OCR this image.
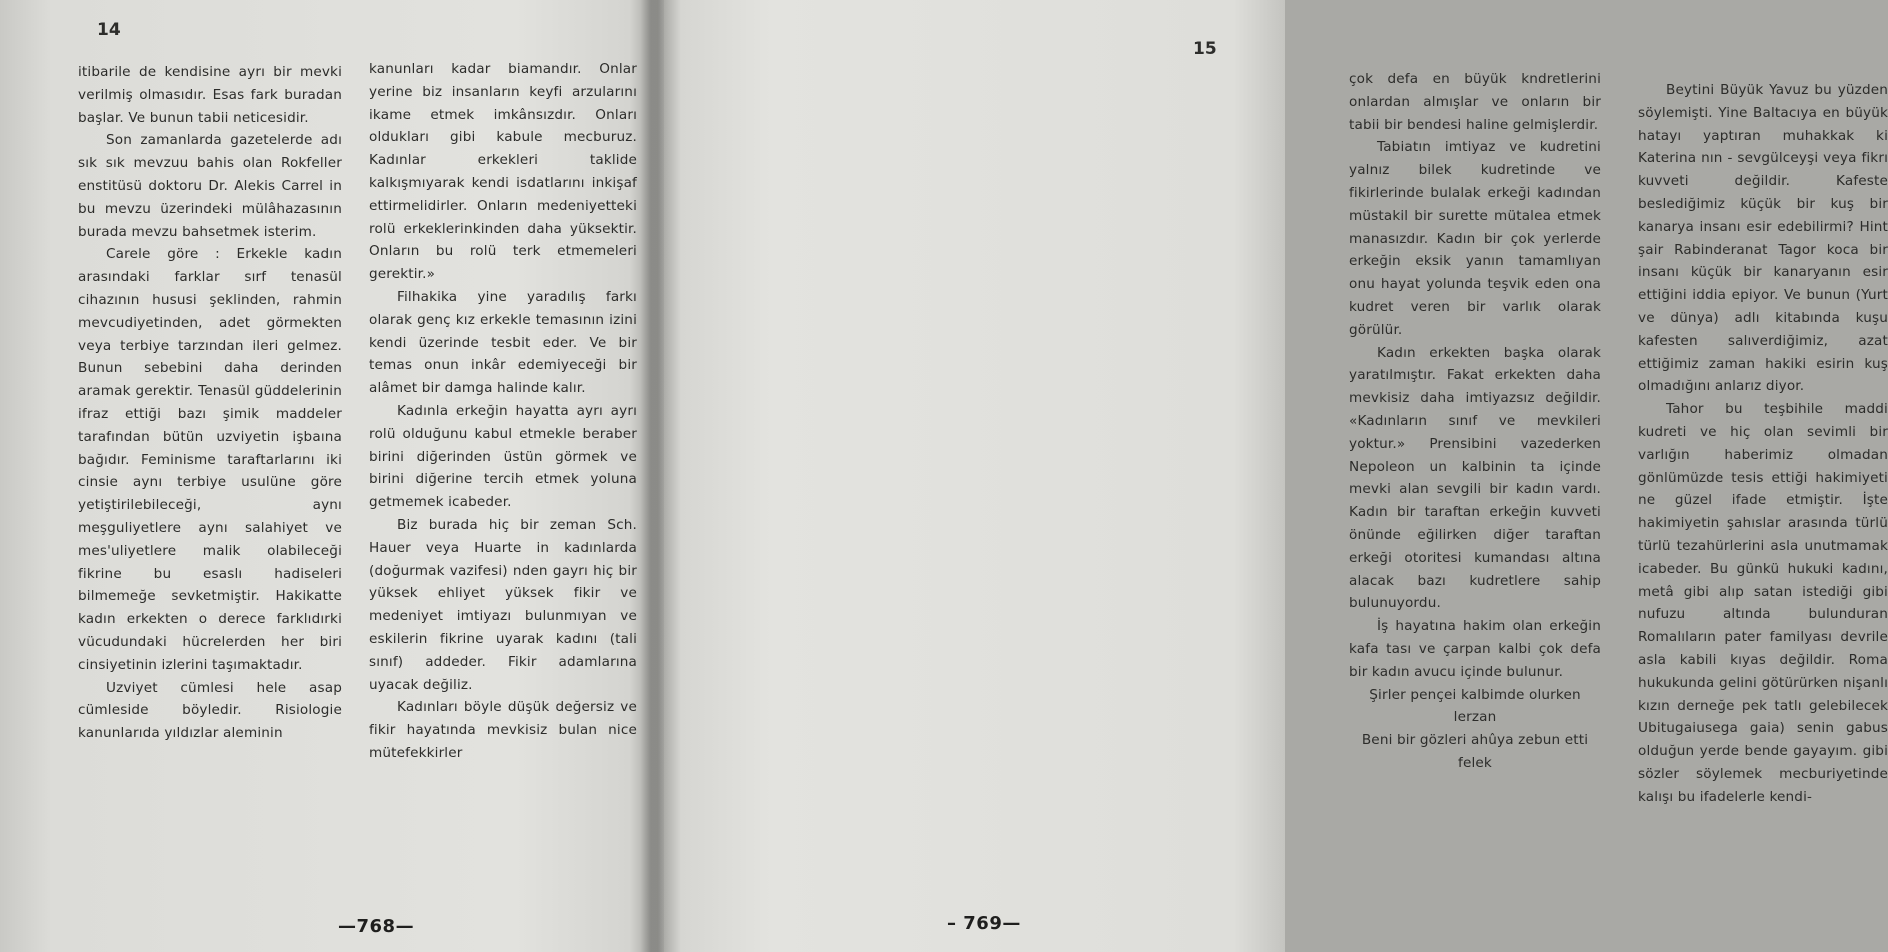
14

itibarile de kendisine ayrı bir mevki verilmiş olmasıdır. Esas fark buradan başlar. Ve bunun tabii neticesidir.

Son zamanlarda gazetelerde adı sık sık mevzuu bahis olan Rokfeller enstitüsü doktoru Dr. Alekis Carrel in bu mevzu üzerindeki mülâhazasının burada mevzu bahsetmek isterim.

Carele göre : Erkekle kadın arasındaki farklar sırf tenasül cihazının hususi şeklinden, rahmin mevcudiyetinden, adet görmekten veya terbiye tarzından ileri gelmez. Bunun sebebini daha derinden aramak gerektir. Tenasül güddelerinin ifraz ettiği bazı şimik maddeler tarafından bütün uzviyetin işbaına bağıdır. Feminisme taraftarlarını iki cinsie aynı terbiye usulüne göre yetiştirilebileceği, aynı meşguliyetlere aynı salahiyet ve mes'uliyetlere malik olabileceği fikrine bu esaslı hadiseleri bilmemeğe sevketmiştir. Hakikatte kadın erkekten o derece farklıdırki vücudundaki hücrelerden her biri cinsiyetinin izlerini taşımaktadır.

Uzviyet cümlesi hele asap cümleside böyledir. Risiologie kanunlarıda yıldızlar aleminin

kanunları kadar biamandır. Onlar yerine biz insanların keyfi arzularını ikame etmek imkânsızdır. Onları oldukları gibi kabule mecburuz. Kadınlar erkekleri taklide kalkışmıyarak kendi isdatlarını inkişaf ettirmelidirler. Onların medeniyetteki rolü erkeklerinkinden daha yüksektir. Onların bu rolü terk etmemeleri gerektir.»

Filhakika yine yaradılış farkı olarak genç kız erkekle temasının izini kendi üzerinde tesbit eder. Ve bir temas onun inkâr edemiyeceği bir alâmet bir damga halinde kalır.

Kadınla erkeğin hayatta ayrı ayrı rolü olduğunu kabul etmekle beraber birini diğerinden üstün görmek ve birini diğerine tercih etmek yoluna getmemek icabeder.

Biz burada hiç bir zeman Sch. Hauer veya Huarte in kadınlarda (doğurmak vazifesi) nden gayrı hiç bir yüksek ehliyet yüksek fikir ve medeniyet imtiyazı bulunmıyan ve eskilerin fikrine uyarak kadını (tali sınıf) addeder. Fikir adamlarına uyacak değiliz.

Kadınları böyle düşük değersiz ve fikir hayatında mevkisiz bulan nice mütefekkirler

—768—

çok defa en büyük kndretlerini onlardan almışlar ve onların bir tabii bir bendesi haline gelmişlerdir.

Tabiatın imtiyaz ve kudretini yalnız bilek kudretinde ve fikirlerinde bulalak erkeği kadından müstakil bir surette mütalea etmek manasızdır. Kadın bir çok yerlerde erkeğin eksik yanın tamamlıyan onu hayat yolunda teşvik eden ona kudret veren bir varlık olarak görülür.

Kadın erkekten başka olarak yaratılmıştır. Fakat erkekten daha mevkisiz daha imtiyazsız değildir. «Kadınların sınıf ve mevkileri yoktur.» Prensibini vazederken Nepoleon un kalbinin ta içinde mevki alan sevgili bir kadın vardı. Kadın bir taraftan erkeğin kuvveti önünde eğilirken diğer taraftan erkeği otoritesi kumandası altına alacak bazı kudretlere sahip bulunuyordu.

İş hayatına hakim olan erkeğin kafa tası ve çarpan kalbi çok defa bir kadın avucu içinde bulunur.

Şirler pençei kalbimde olurken lerzan

Beni bir gözleri ahûya zebun etti felek

Beytini Büyük Yavuz bu yüzden söylemişti. Yine Baltacıya en büyük hatayı yaptıran muhakkak ki Katerina nın - sevgülceyşi veya fikrı kuvveti değildir. Kafeste beslediğimiz küçük bir kuş bir kanarya insanı esir edebilirmi? Hint şair Rabinderanat Tagor koca bir insanı küçük bir kanaryanın esir ettiğini iddia epiyor. Ve bunun (Yurt ve dünya) adlı kitabında kuşu kafesten salıverdiğimiz, azat ettiğimiz zaman hakiki esirin kuş olmadığını anlarız diyor.

Tahor bu teşbihile maddi kudreti ve hiç olan sevimli bir varlığın haberimiz olmadan gönlümüzde tesis ettiği hakimiyeti ne güzel ifade etmiştir. İşte hakimiyetin şahıslar arasında türlü türlü tezahürlerini asla unutmamak icabeder. Bu günkü hukuki kadını, metâ gibi alıp satan istediği gibi nufuzu altında bulunduran Romalıların pater familyası devrile asla kabili kıyas değildir. Roma hukukunda gelini götürürken nişanlı kızın derneğe pek tatlı gelebilecek Ubitugaiusega gaia) senin gabus olduğun yerde bende gayayım. gibi sözler söylemek mecburiyetinde kalışı bu ifadelerle kendi-

15
– 769—
